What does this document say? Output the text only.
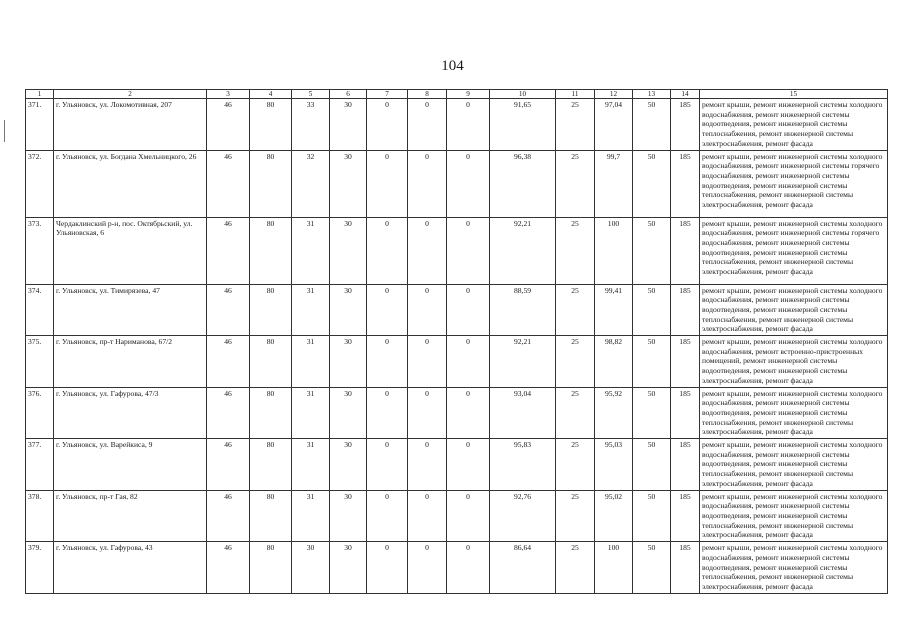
104
1	2	3	4	5	6	7	8	9	10	11	12	13	14	15
371.	г. Ульяновск, ул. Локомотивная, 207	46	80	33	30	0	0	0	91,65	25	97,04	50	185	ремонт крыши, ремонт инженерной системы холодного водоснабжения, ремонт инженерной системы водоотведения, ремонт инженерной системы теплоснабжения, ремонт инженерной системы электроснабжения, ремонт фасада
372.	г. Ульяновск, ул. Богдана Хмельницкого, 26	46	80	32	30	0	0	0	96,38	25	99,7	50	185	ремонт крыши, ремонт инженерной системы холодного водоснабжения, ремонт инженерной системы горячего водоснабжения, ремонт инженерной системы водоотведения, ремонт инженерной системы теплоснабжения, ремонт инженерной системы электроснабжения, ремонт фасада
373.	Чердаклинский р-н, пос. Октябрьский, ул. Ульяновская, 6	46	80	31	30	0	0	0	92,21	25	100	50	185	ремонт крыши, ремонт инженерной системы холодного водоснабжения, ремонт инженерной системы горячего водоснабжения, ремонт инженерной системы водоотведения, ремонт инженерной системы теплоснабжения, ремонт инженерной системы электроснабжения, ремонт фасада
374.	г. Ульяновск, ул. Тимирязева, 47	46	80	31	30	0	0	0	88,59	25	99,41	50	185	ремонт крыши, ремонт инженерной системы холодного водоснабжения, ремонт инженерной системы водоотведения, ремонт инженерной системы теплоснабжения, ремонт инженерной системы электроснабжения, ремонт фасада
375.	г. Ульяновск, пр-т Нариманова, 67/2	46	80	31	30	0	0	0	92,21	25	98,82	50	185	ремонт крыши, ремонт инженерной системы холодного водоснабжения, ремонт встроенно-пристроенных помещений, ремонт инженерной системы водоотведения, ремонт инженерной системы электроснабжения, ремонт фасада
376.	г. Ульяновск, ул. Гафурова, 47/3	46	80	31	30	0	0	0	93,04	25	95,92	50	185	ремонт крыши, ремонт инженерной системы холодного водоснабжения, ремонт инженерной системы водоотведения, ремонт инженерной системы теплоснабжения, ремонт инженерной системы электроснабжения, ремонт фасада
377.	г. Ульяновск, ул. Варейкиса, 9	46	80	31	30	0	0	0	95,83	25	95,03	50	185	ремонт крыши, ремонт инженерной системы холодного водоснабжения, ремонт инженерной системы водоотведения, ремонт инженерной системы теплоснабжения, ремонт инженерной системы электроснабжения, ремонт фасада
378.	г. Ульяновск, пр-т Гая, 82	46	80	31	30	0	0	0	92,76	25	95,02	50	185	ремонт крыши, ремонт инженерной системы холодного водоснабжения, ремонт инженерной системы водоотведения, ремонт инженерной системы теплоснабжения, ремонт инженерной системы электроснабжения, ремонт фасада
379.	г. Ульяновск, ул. Гафурова, 43	46	80	30	30	0	0	0	86,64	25	100	50	185	ремонт крыши, ремонт инженерной системы холодного водоснабжения, ремонт инженерной системы водоотведения, ремонт инженерной системы теплоснабжения, ремонт инженерной системы электроснабжения, ремонт фасада
